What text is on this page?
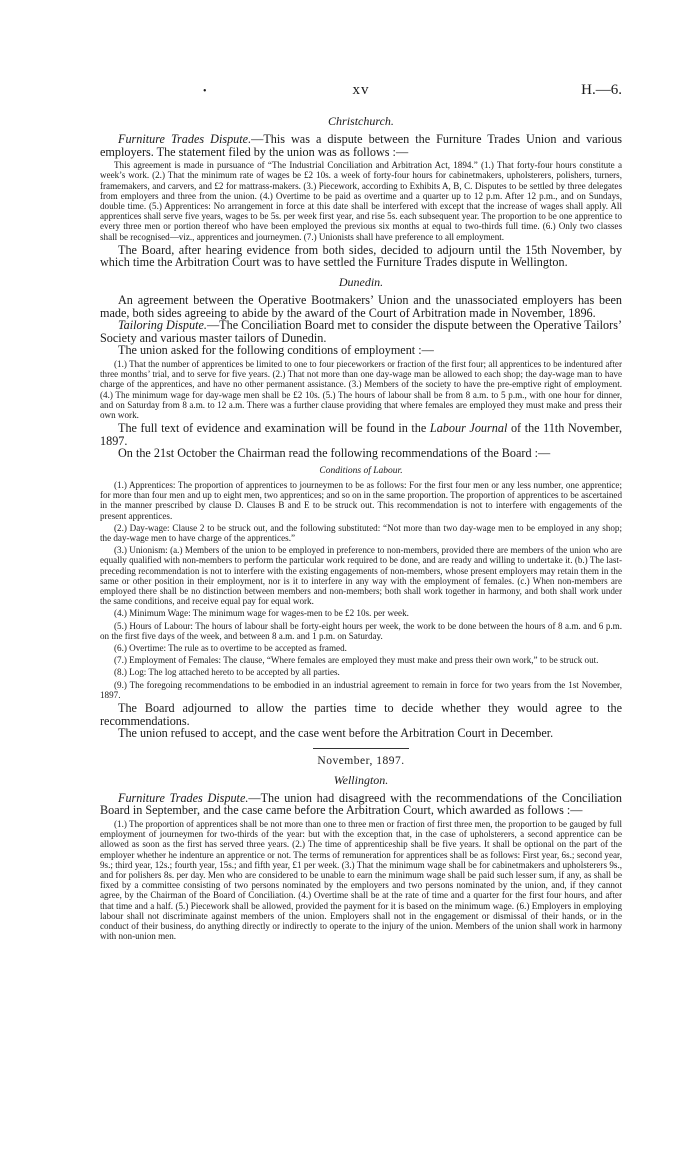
•	xv	H.—6.
Christchurch.

Furniture Trades Dispute.—This was a dispute between the Furniture Trades Union and various employers. The statement filed by the union was as follows :—

This agreement is made in pursuance of “The Industrial Conciliation and Arbitration Act, 1894.” (1.) That forty-four hours constitute a week’s work. (2.) That the minimum rate of wages be £2 10s. a week of forty-four hours for cabinetmakers, upholsterers, polishers, turners, framemakers, and carvers, and £2 for mattrass-makers. (3.) Piecework, according to Exhibits A, B, C. Disputes to be settled by three delegates from employers and three from the union. (4.) Overtime to be paid as overtime and a quarter up to 12 p.m. After 12 p.m., and on Sundays, double time. (5.) Apprentices: No arrangement in force at this date shall be interfered with except that the increase of wages shall apply. All apprentices shall serve five years, wages to be 5s. per week first year, and rise 5s. each subsequent year. The proportion to be one apprentice to every three men or portion thereof who have been employed the previous six months at equal to two-thirds full time. (6.) Only two classes shall be recognised—viz., apprentices and journeymen. (7.) Unionists shall have preference to all employment.

The Board, after hearing evidence from both sides, decided to adjourn until the 15th November, by which time the Arbitration Court was to have settled the Furniture Trades dispute in Wellington.

Dunedin.

An agreement between the Operative Bootmakers’ Union and the unassociated employers has been made, both sides agreeing to abide by the award of the Court of Arbitration made in November, 1896.

Tailoring Dispute.—The Conciliation Board met to consider the dispute between the Operative Tailors’ Society and various master tailors of Dunedin.

The union asked for the following conditions of employment :—

(1.) That the number of apprentices be limited to one to four pieceworkers or fraction of the first four; all apprentices to be indentured after three months’ trial, and to serve for five years. (2.) That not more than one day-wage man be allowed to each shop; the day-wage man to have charge of the apprentices, and have no other permanent assistance. (3.) Members of the society to have the pre-emptive right of employment. (4.) The minimum wage for day-wage men shall be £2 10s. (5.) The hours of labour shall be from 8 a.m. to 5 p.m., with one hour for dinner, and on Saturday from 8 a.m. to 12 a.m. There was a further clause providing that where females are employed they must make and press their own work.

The full text of evidence and examination will be found in the Labour Journal of the 11th November, 1897.

On the 21st October the Chairman read the following recommendations of the Board :—

Conditions of Labour.

(1.) Apprentices: The proportion of apprentices to journeymen to be as follows: For the first four men or any less number, one apprentice; for more than four men and up to eight men, two apprentices; and so on in the same proportion. The proportion of apprentices to be ascertained in the manner prescribed by clause D. Clauses B and E to be struck out. This recommendation is not to interfere with engagements of the present apprentices.

(2.) Day-wage: Clause 2 to be struck out, and the following substituted: “Not more than two day-wage men to be employed in any shop; the day-wage men to have charge of the apprentices.”

(3.) Unionism: (a.) Members of the union to be employed in preference to non-members, provided there are members of the union who are equally qualified with non-members to perform the particular work required to be done, and are ready and willing to undertake it. (b.) The last-preceding recommendation is not to interfere with the existing engagements of non-members, whose present employers may retain them in the same or other position in their employment, nor is it to interfere in any way with the employment of females. (c.) When non-members are employed there shall be no distinction between members and non-members; both shall work together in harmony, and both shall work under the same conditions, and receive equal pay for equal work.

(4.) Minimum Wage: The minimum wage for wages-men to be £2 10s. per week.

(5.) Hours of Labour: The hours of labour shall be forty-eight hours per week, the work to be done between the hours of 8 a.m. and 6 p.m. on the first five days of the week, and between 8 a.m. and 1 p.m. on Saturday.

(6.) Overtime: The rule as to overtime to be accepted as framed.

(7.) Employment of Females: The clause, “Where females are employed they must make and press their own work,” to be struck out.

(8.) Log: The log attached hereto to be accepted by all parties.

(9.) The foregoing recommendations to be embodied in an industrial agreement to remain in force for two years from the 1st November, 1897.

The Board adjourned to allow the parties time to decide whether they would agree to the recommendations.

The union refused to accept, and the case went before the Arbitration Court in December.

November, 1897.
Wellington.

Furniture Trades Dispute.—The union had disagreed with the recommendations of the Conciliation Board in September, and the case came before the Arbitration Court, which awarded as follows :—

(1.) The proportion of apprentices shall be not more than one to three men or fraction of first three men, the proportion to be gauged by full employment of journeymen for two-thirds of the year: but with the exception that, in the case of upholsterers, a second apprentice can be allowed as soon as the first has served three years. (2.) The time of apprenticeship shall be five years. It shall be optional on the part of the employer whether he indenture an apprentice or not. The terms of remuneration for apprentices shall be as follows: First year, 6s.; second year, 9s.; third year, 12s.; fourth year, 15s.; and fifth year, £1 per week. (3.) That the minimum wage shall be for cabinetmakers and upholsterers 9s., and for polishers 8s. per day. Men who are considered to be unable to earn the minimum wage shall be paid such lesser sum, if any, as shall be fixed by a committee consisting of two persons nominated by the employers and two persons nominated by the union, and, if they cannot agree, by the Chairman of the Board of Conciliation. (4.) Overtime shall be at the rate of time and a quarter for the first four hours, and after that time and a half. (5.) Piecework shall be allowed, provided the payment for it is based on the minimum wage. (6.) Employers in employing labour shall not discriminate against members of the union. Employers shall not in the engagement or dismissal of their hands, or in the conduct of their business, do anything directly or indirectly to operate to the injury of the union. Members of the union shall work in harmony with non-union men.
